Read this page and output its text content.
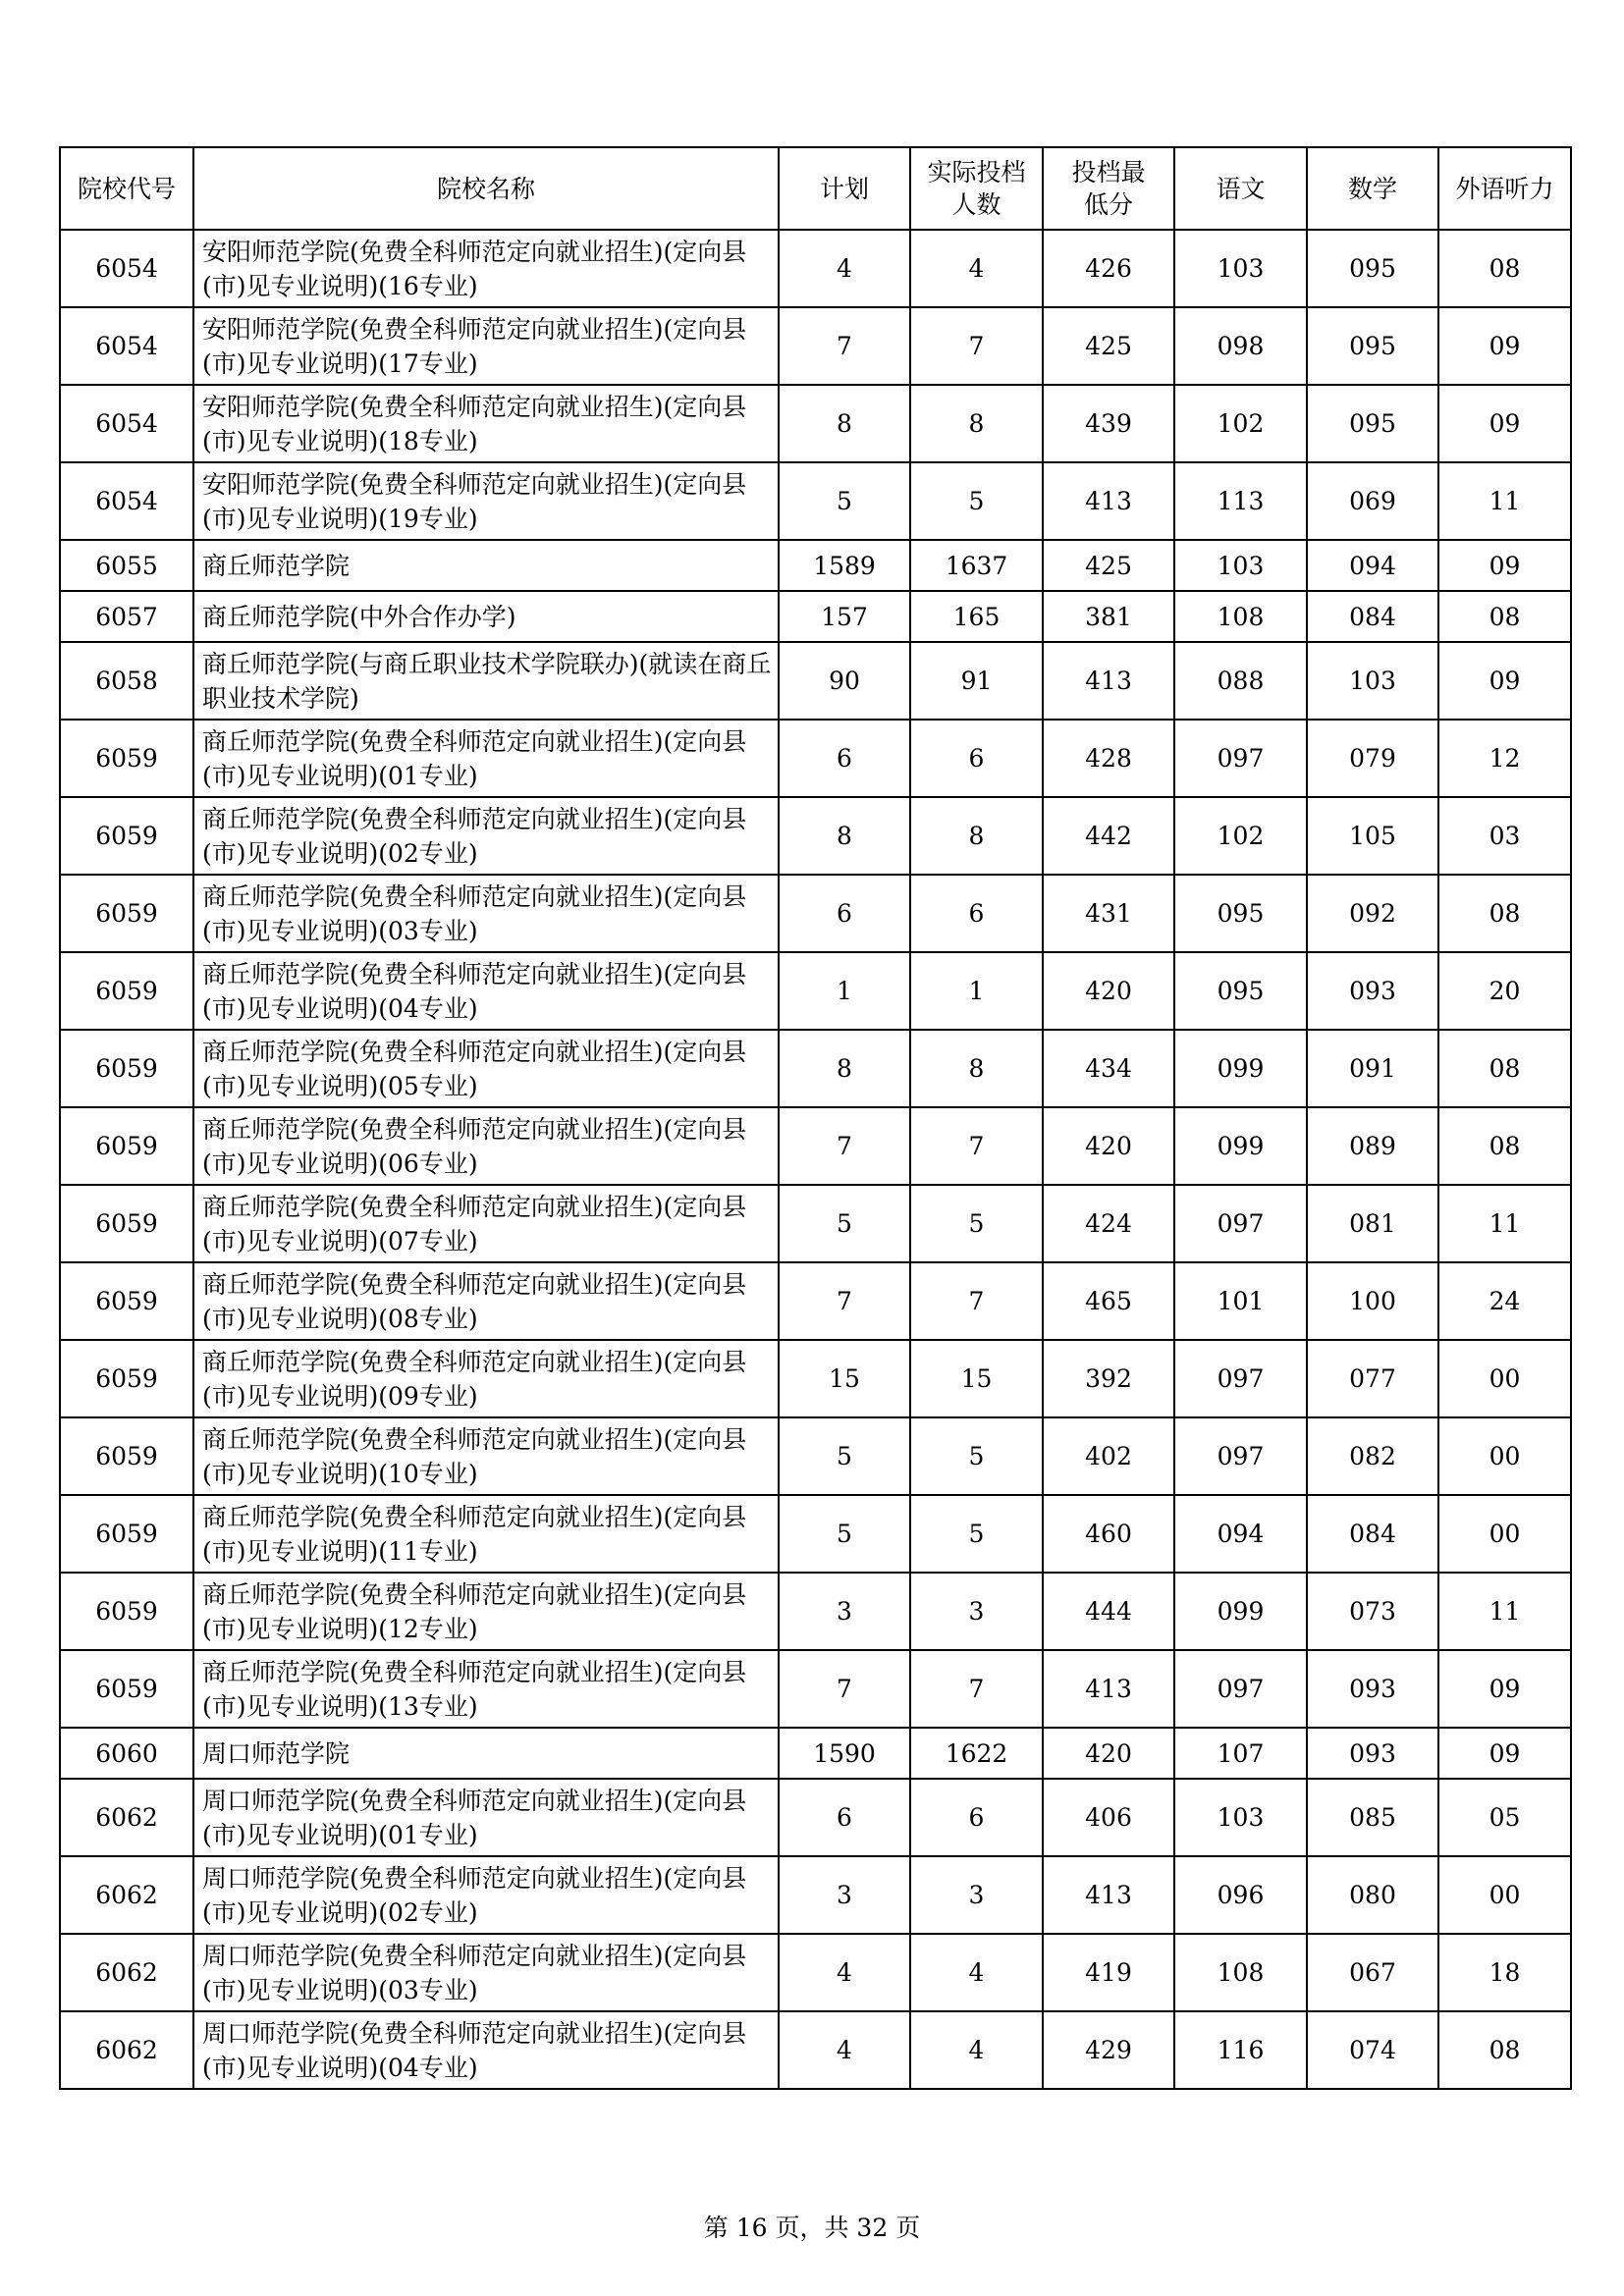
院校代号	院校名称	计划	实际投档人数	投档最低分	语文	数学	外语听力
6054	安阳师范学院(免费全科师范定向就业招生)(定向县(市)见专业说明)(16专业)	4	4	426	103	095	08
6054	安阳师范学院(免费全科师范定向就业招生)(定向县(市)见专业说明)(17专业)	7	7	425	098	095	09
6054	安阳师范学院(免费全科师范定向就业招生)(定向县(市)见专业说明)(18专业)	8	8	439	102	095	09
6054	安阳师范学院(免费全科师范定向就业招生)(定向县(市)见专业说明)(19专业)	5	5	413	113	069	11
6055	商丘师范学院	1589	1637	425	103	094	09
6057	商丘师范学院(中外合作办学)	157	165	381	108	084	08
6058	商丘师范学院(与商丘职业技术学院联办)(就读在商丘职业技术学院)	90	91	413	088	103	09
6059	商丘师范学院(免费全科师范定向就业招生)(定向县(市)见专业说明)(01专业)	6	6	428	097	079	12
6059	商丘师范学院(免费全科师范定向就业招生)(定向县(市)见专业说明)(02专业)	8	8	442	102	105	03
6059	商丘师范学院(免费全科师范定向就业招生)(定向县(市)见专业说明)(03专业)	6	6	431	095	092	08
6059	商丘师范学院(免费全科师范定向就业招生)(定向县(市)见专业说明)(04专业)	1	1	420	095	093	20
6059	商丘师范学院(免费全科师范定向就业招生)(定向县(市)见专业说明)(05专业)	8	8	434	099	091	08
6059	商丘师范学院(免费全科师范定向就业招生)(定向县(市)见专业说明)(06专业)	7	7	420	099	089	08
6059	商丘师范学院(免费全科师范定向就业招生)(定向县(市)见专业说明)(07专业)	5	5	424	097	081	11
6059	商丘师范学院(免费全科师范定向就业招生)(定向县(市)见专业说明)(08专业)	7	7	465	101	100	24
6059	商丘师范学院(免费全科师范定向就业招生)(定向县(市)见专业说明)(09专业)	15	15	392	097	077	00
6059	商丘师范学院(免费全科师范定向就业招生)(定向县(市)见专业说明)(10专业)	5	5	402	097	082	00
6059	商丘师范学院(免费全科师范定向就业招生)(定向县(市)见专业说明)(11专业)	5	5	460	094	084	00
6059	商丘师范学院(免费全科师范定向就业招生)(定向县(市)见专业说明)(12专业)	3	3	444	099	073	11
6059	商丘师范学院(免费全科师范定向就业招生)(定向县(市)见专业说明)(13专业)	7	7	413	097	093	09
6060	周口师范学院	1590	1622	420	107	093	09
6062	周口师范学院(免费全科师范定向就业招生)(定向县(市)见专业说明)(01专业)	6	6	406	103	085	05
6062	周口师范学院(免费全科师范定向就业招生)(定向县(市)见专业说明)(02专业)	3	3	413	096	080	00
6062	周口师范学院(免费全科师范定向就业招生)(定向县(市)见专业说明)(03专业)	4	4	419	108	067	18
6062	周口师范学院(免费全科师范定向就业招生)(定向县(市)见专业说明)(04专业)	4	4	429	116	074	08
第 16 页，共 32 页
